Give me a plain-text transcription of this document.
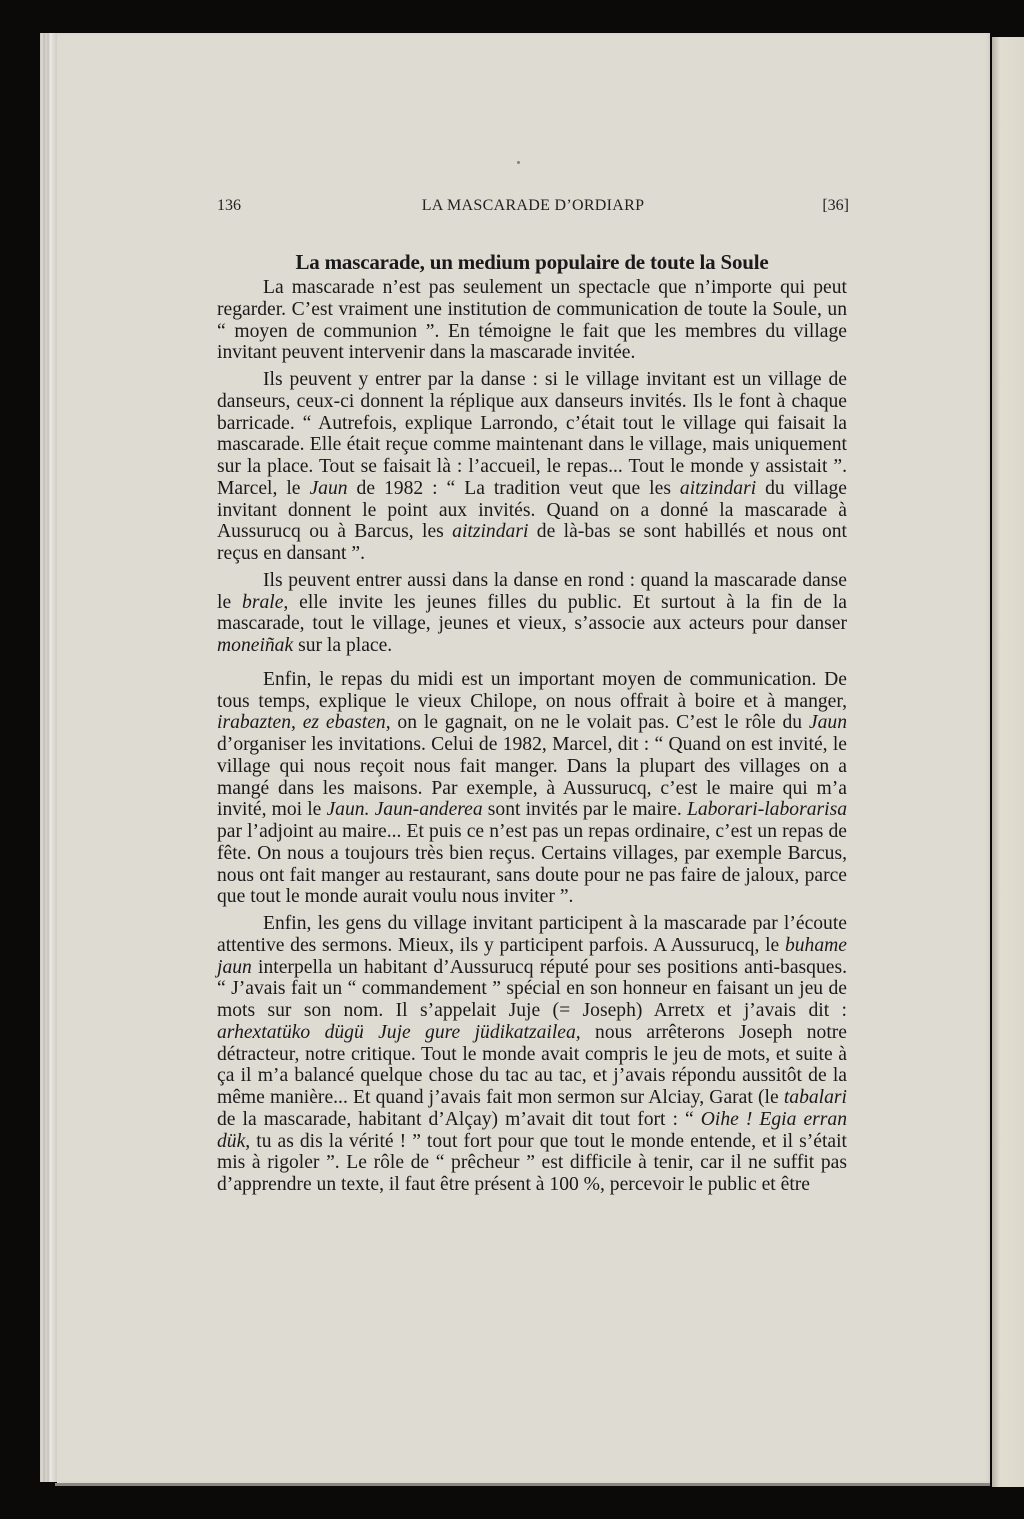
LA MASCARADE D’ORDIARP
136	[36]
La mascarade, un medium populaire de toute la Soule

La mascarade n’est pas seulement un spectacle que n’importe qui peut regarder. C’est vraiment une institution de communication de toute la Soule, un “ moyen de communion ”. En témoigne le fait que les membres du village invitant peuvent intervenir dans la mascarade invitée.

Ils peuvent y entrer par la danse : si le village invitant est un village de danseurs, ceux-ci donnent la réplique aux danseurs invités. Ils le font à chaque barricade. “ Autrefois, explique Larrondo, c’était tout le village qui faisait la mascarade. Elle était reçue comme maintenant dans le village, mais uniquement sur la place. Tout se faisait là : l’accueil, le repas... Tout le monde y assistait ”. Marcel, le Jaun de 1982 : “ La tradition veut que les aitzindari du village invitant donnent le point aux invités. Quand on a donné la mascarade à Aussurucq ou à Barcus, les aitzindari de là-bas se sont habillés et nous ont reçus en dansant ”.

Ils peuvent entrer aussi dans la danse en rond : quand la mascarade danse le brale, elle invite les jeunes filles du public. Et surtout à la fin de la mascarade, tout le village, jeunes et vieux, s’associe aux acteurs pour danser moneiñak sur la place.

Enfin, le repas du midi est un important moyen de communication. De tous temps, explique le vieux Chilope, on nous offrait à boire et à manger, irabazten, ez ebasten, on le gagnait, on ne le volait pas. C’est le rôle du Jaun d’organiser les invitations. Celui de 1982, Marcel, dit : “ Quand on est invité, le village qui nous reçoit nous fait manger. Dans la plupart des villages on a mangé dans les maisons. Par exemple, à Aussurucq, c’est le maire qui m’a invité, moi le Jaun. Jaun-anderea sont invités par le maire. Laborari-laborarisa par l’adjoint au maire... Et puis ce n’est pas un repas ordinaire, c’est un repas de fête. On nous a toujours très bien reçus. Certains villages, par exemple Barcus, nous ont fait manger au restaurant, sans doute pour ne pas faire de jaloux, parce que tout le monde aurait voulu nous inviter ”.

Enfin, les gens du village invitant participent à la mascarade par l’écoute attentive des sermons. Mieux, ils y participent parfois. A Aussurucq, le buhame jaun interpella un habitant d’Aussurucq réputé pour ses positions anti-basques. “ J’avais fait un “ commandement ” spécial en son honneur en faisant un jeu de mots sur son nom. Il s’appelait Juje (= Joseph) Arretx et j’avais dit : arhextatüko dügü Juje gure jüdikatzailea, nous arrêterons Joseph notre détracteur, notre critique. Tout le monde avait compris le jeu de mots, et suite à ça il m’a balancé quelque chose du tac au tac, et j’avais répondu aussitôt de la même manière... Et quand j’avais fait mon sermon sur Alciay, Garat (le tabalari de la mascarade, habitant d’Alçay) m’avait dit tout fort : “ Oihe ! Egia erran dük, tu as dis la vérité ! ” tout fort pour que tout le monde entende, et il s’était mis à rigoler ”. Le rôle de “ prêcheur ” est difficile à tenir, car il ne suffit pas d’apprendre un texte, il faut être présent à 100 %, percevoir le public et être
